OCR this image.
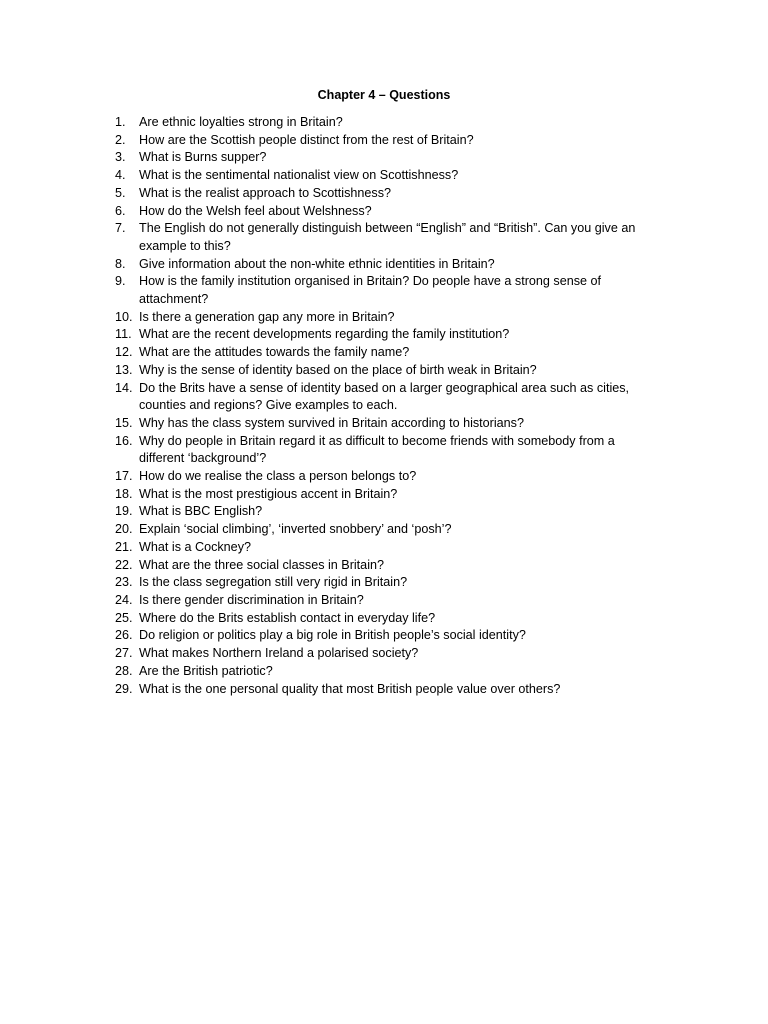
Chapter 4 – Questions
1.	Are ethnic loyalties strong in Britain?
2.	How are the Scottish people distinct from the rest of Britain?
3.	What is Burns supper?
4.	What is the sentimental nationalist view on Scottishness?
5.	What is the realist approach to Scottishness?
6.	How do the Welsh feel about Welshness?
7.	The English do not generally distinguish between “English” and “British”. Can you give an example to this?
8.	Give information about the non-white ethnic identities in Britain?
9.	How is the family institution organised in Britain? Do people have a strong sense of attachment?
10. Is there a generation gap any more in Britain?
11. What are the recent developments regarding the family institution?
12. What are the attitudes towards the family name?
13. Why is the sense of identity based on the place of birth weak in Britain?
14. Do the Brits have a sense of identity based on a larger geographical area such as cities, counties and regions? Give examples to each.
15. Why has the class system survived in Britain according to historians?
16. Why do people in Britain regard it as difficult to become friends with somebody from a different ‘background’?
17. How do we realise the class a person belongs to?
18. What is the most prestigious accent in Britain?
19. What is BBC English?
20. Explain ‘social climbing’, ‘inverted snobbery’ and ‘posh’?
21. What is a Cockney?
22. What are the three social classes in Britain?
23. Is the class segregation still very rigid in Britain?
24. Is there gender discrimination in Britain?
25. Where do the Brits establish contact in everyday life?
26. Do religion or politics play a big role in British people’s social identity?
27. What makes Northern Ireland a polarised society?
28. Are the British patriotic?
29. What is the one personal quality that most British people value over others?
